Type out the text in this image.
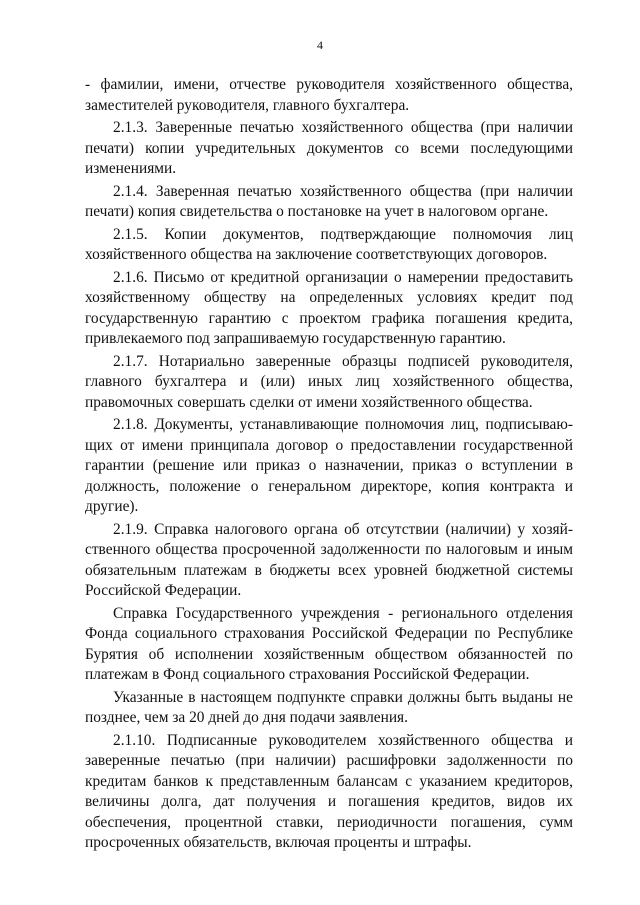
4

- фамилии, имени, отчестве руководителя хозяйственного общества, заместителей руководителя, главного бухгалтера.

2.1.3. Заверенные печатью хозяйственного общества (при наличии печати) копии учредительных документов со всеми последующими изменениями.

2.1.4. Заверенная печатью хозяйственного общества (при наличии печати) копия свидетельства о постановке на учет в налоговом органе.

2.1.5. Копии документов, подтверждающие полномочия лиц хозяйственного общества на заключение соответствующих договоров.

2.1.6. Письмо от кредитной организации о намерении предоставить хозяйственному обществу на определенных условиях кредит под государственную гарантию с проектом графика погашения кредита, привлекаемого под запрашиваемую государственную гарантию.

2.1.7. Нотариально заверенные образцы подписей руководителя, главного бухгалтера и (или) иных лиц хозяйственного общества, правомочных совершать сделки от имени хозяйственного общества.

2.1.8. Документы, устанавливающие полномочия лиц, подписывающих от имени принципала договор о предоставлении государственной гарантии (решение или приказ о назначении, приказ о вступлении в должность, положение о генеральном директоре, копия контракта и другие).

2.1.9. Справка налогового органа об отсутствии (наличии) у хозяйственного общества просроченной задолженности по налоговым и иным обязательным платежам в бюджеты всех уровней бюджетной системы Российской Федерации.

Справка Государственного учреждения - регионального отделения Фонда социального страхования Российской Федерации по Республике Бурятия об исполнении хозяйственным обществом обязанностей по платежам в Фонд социального страхования Российской Федерации.

Указанные в настоящем подпункте справки должны быть выданы не позднее, чем за 20 дней до дня подачи заявления.

2.1.10. Подписанные руководителем хозяйственного общества и заверенные печатью (при наличии) расшифровки задолженности по кредитам банков к представленным балансам с указанием кредиторов, величины долга, дат получения и погашения кредитов, видов их обеспечения, процентной ставки, периодичности погашения, сумм просроченных обязательств, включая проценты и штрафы.
